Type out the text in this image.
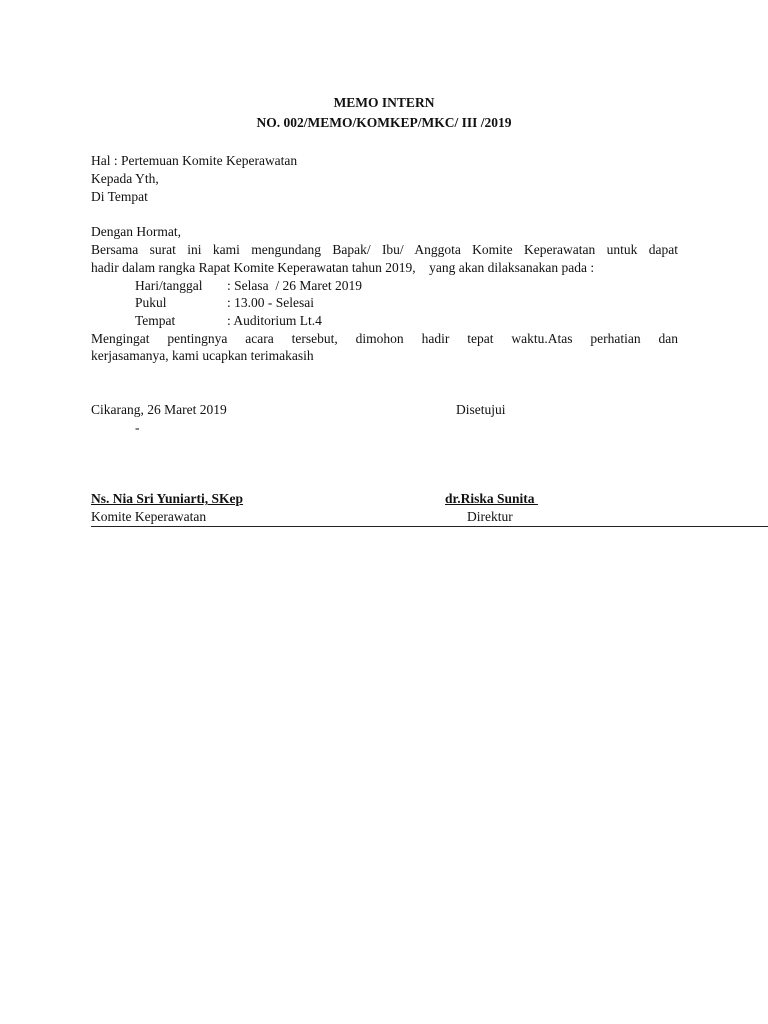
MEMO INTERN
NO. 002/MEMO/KOMKEP/MKC/ III /2019
Hal : Pertemuan Komite Keperawatan
Kepada Yth,
Di Tempat
Dengan Hormat,
Bersama surat ini kami mengundang Bapak/ Ibu/ Anggota Komite Keperawatan untuk dapat
hadir dalam rangka Rapat Komite Keperawatan tahun 2019,    yang akan dilaksanakan pada :
Hari/tanggal : Selasa  / 26 Maret 2019
Pukul	: 13.00 - Selesai
Tempat	: Auditorium Lt.4
Mengingat pentingnya acara tersebut, dimohon hadir tepat waktu.Atas perhatian dan
kerjasamanya, kami ucapkan terimakasih
Cikarang, 26 Maret 2019	Disetujui
-
Ns. Nia Sri Yuniarti, SKep	dr.Riska Sunita
Komite Keperawatan	Direktur
